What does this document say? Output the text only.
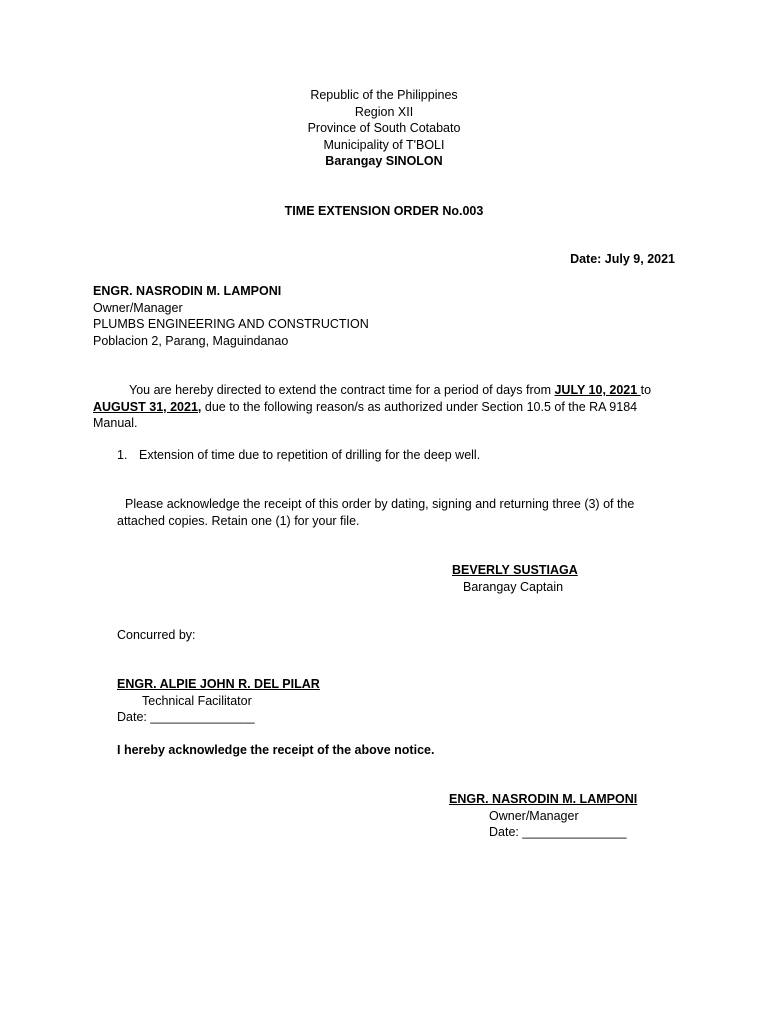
Republic of the Philippines
Region XII
Province of South Cotabato
Municipality of T'BOLI
Barangay SINOLON
TIME EXTENSION ORDER No.003
Date: July 9, 2021
ENGR. NASRODIN M. LAMPONI
Owner/Manager
PLUMBS ENGINEERING AND CONSTRUCTION
Poblacion 2, Parang, Maguindanao
You are hereby directed to extend the contract time for a period of days from JULY 10, 2021 to
AUGUST 31, 2021, due to the following reason/s as authorized under Section 10.5 of the RA 9184
Manual.
1. Extension of time due to repetition of drilling for the deep well.
Please acknowledge the receipt of this order by dating, signing and returning three (3) of the
attached copies. Retain one (1) for your file.
BEVERLY SUSTIAGA
Barangay Captain
Concurred by:
ENGR. ALPIE JOHN R. DEL PILAR
Technical Facilitator
Date: _______________
I hereby acknowledge the receipt of the above notice.
ENGR. NASRODIN M. LAMPONI
Owner/Manager
Date: _______________
